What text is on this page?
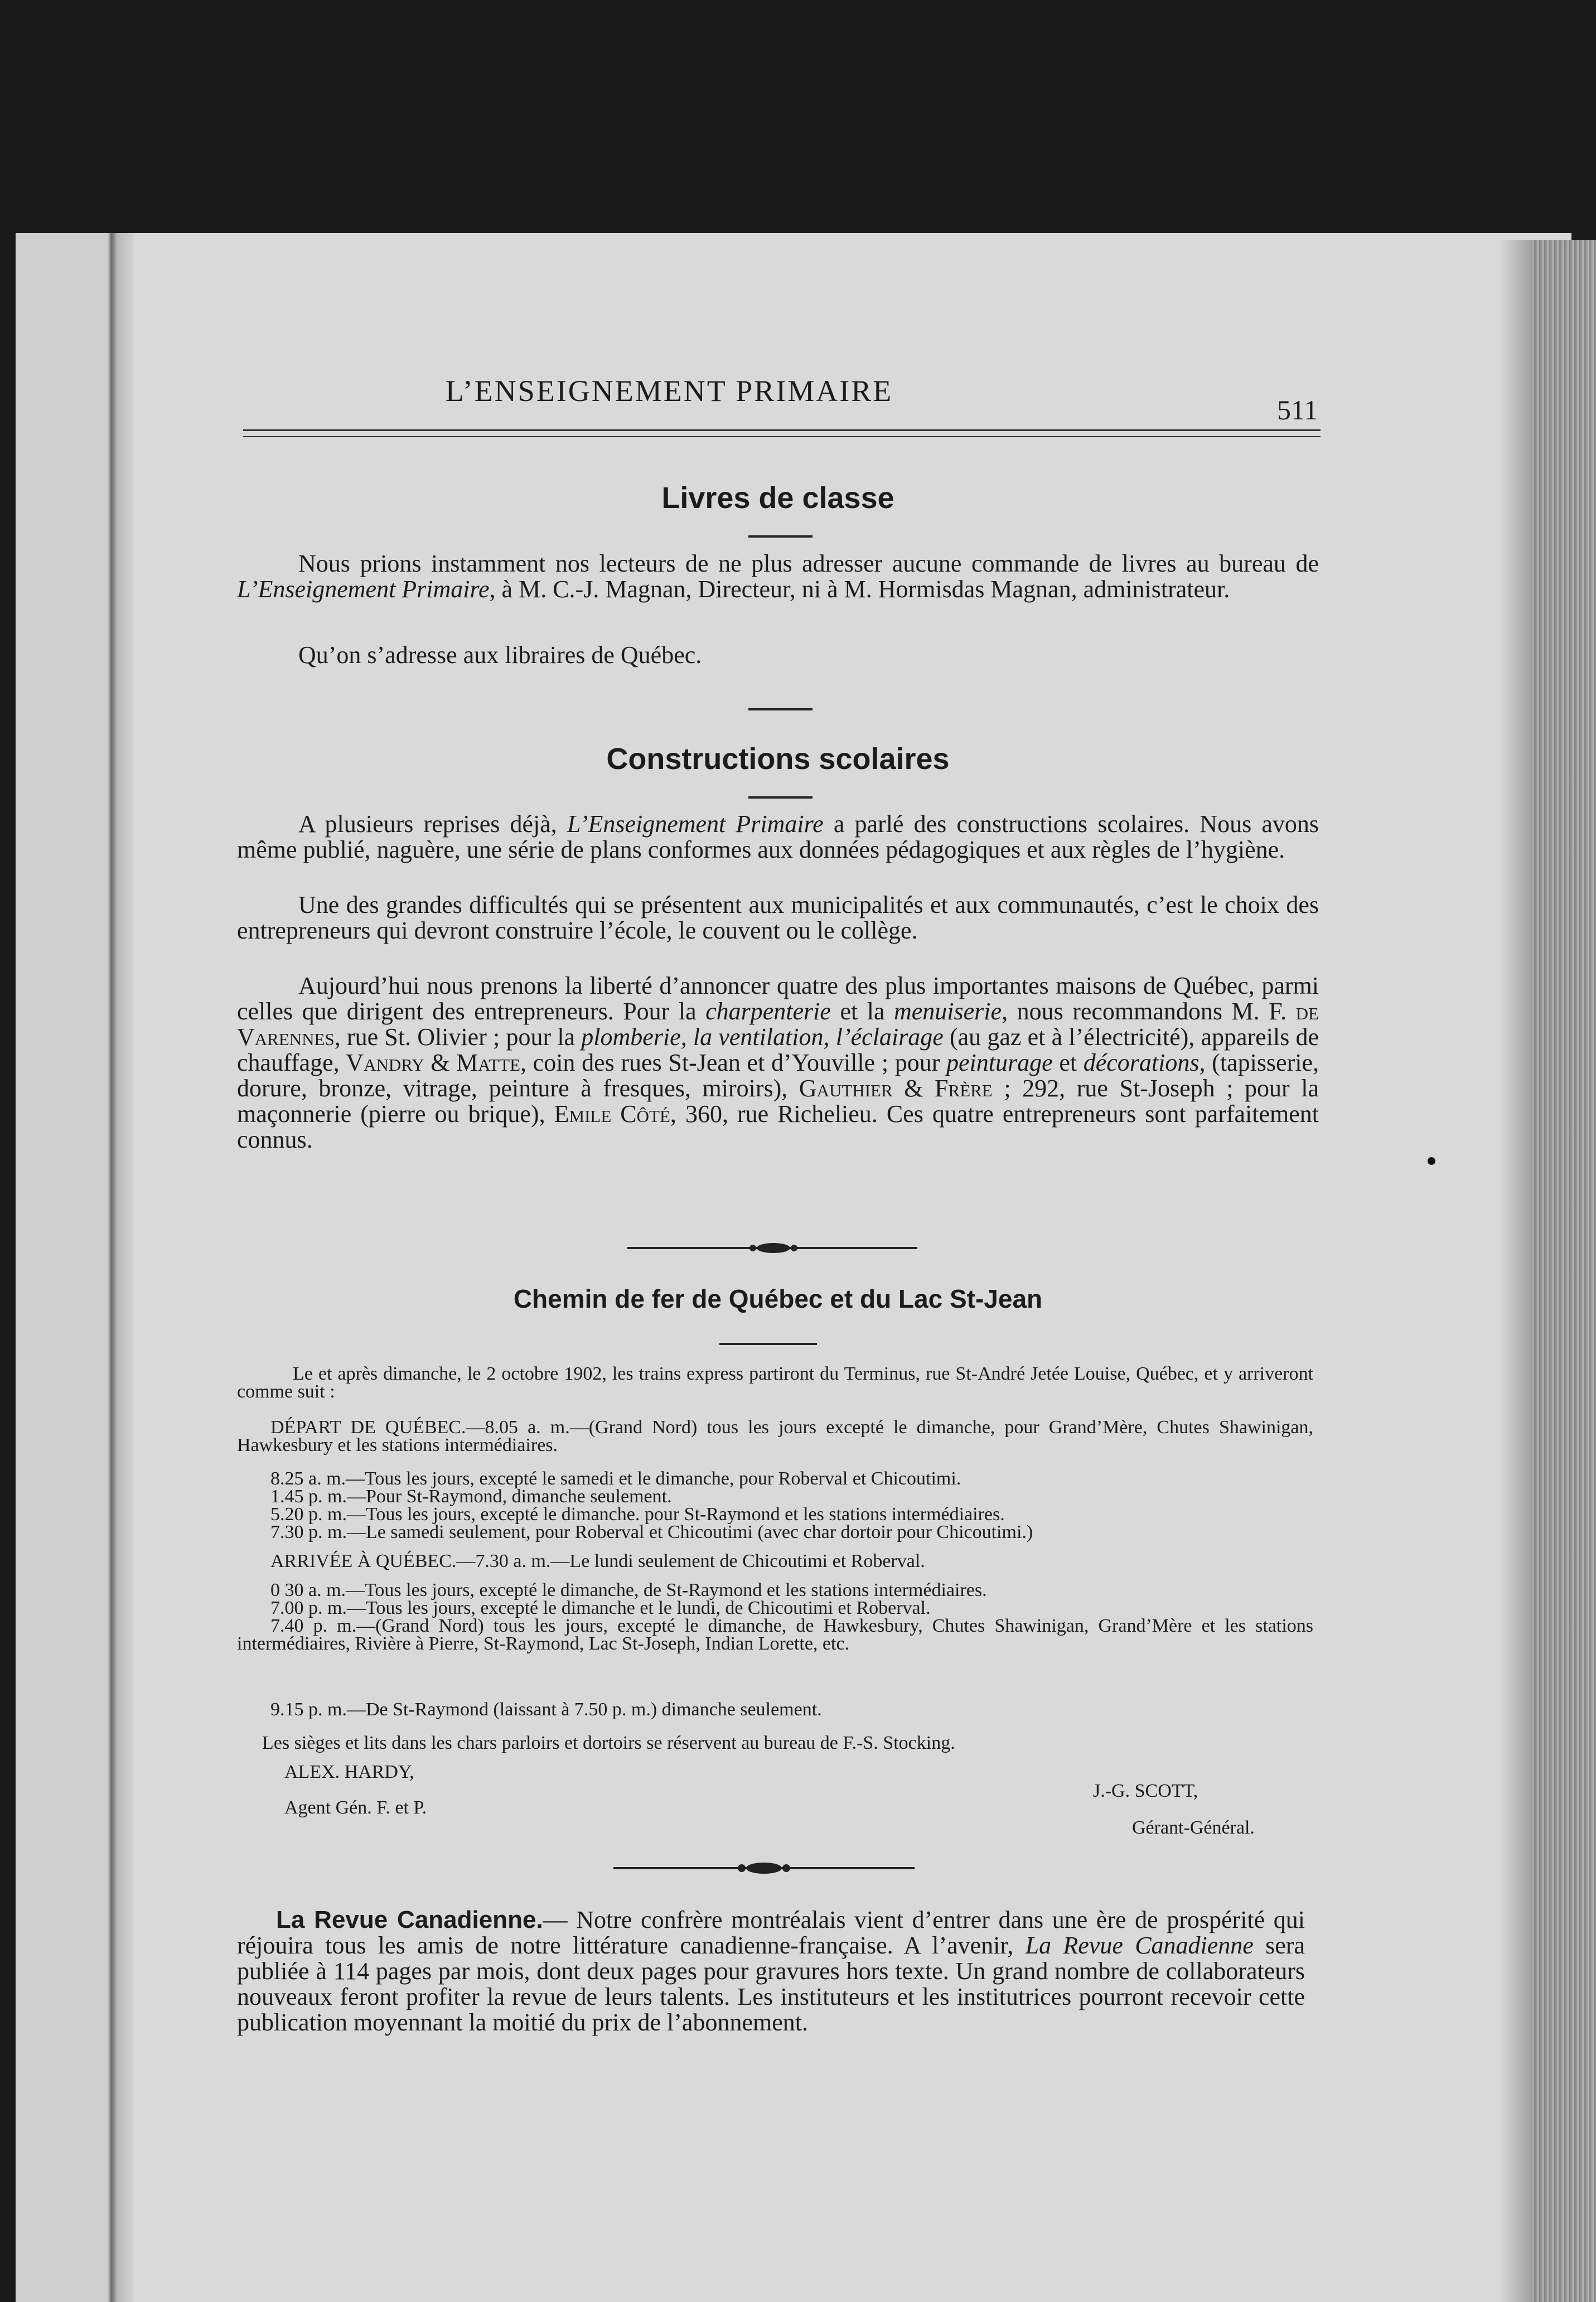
L’ENSEIGNEMENT PRIMAIRE
511
Livres de classe
Nous prions instamment nos lecteurs de ne plus adresser aucune commande de livres au bureau de L’Enseignement Primaire, à M. C.-J. Magnan, Directeur, ni à M. Hormisdas Magnan, administrateur.
Qu’on s’adresse aux libraires de Québec.
Constructions scolaires
A plusieurs reprises déjà, L’Enseignement Primaire a parlé des constructions scolaires. Nous avons même publié, naguère, une série de plans conformes aux données pédagogiques et aux règles de l’hygiène.
Une des grandes difficultés qui se présentent aux municipalités et aux communautés, c’est le choix des entrepreneurs qui devront construire l’école, le couvent ou le collège.
Aujourd’hui nous prenons la liberté d’annoncer quatre des plus importantes maisons de Québec, parmi celles que dirigent des entrepreneurs. Pour la charpenterie et la menuiserie, nous recommandons M. F. de Varennes, rue St. Olivier ; pour la plomberie, la ventilation, l’éclairage (au gaz et à l’électricité), appareils de chauffage, Vandry & Matte, coin des rues St-Jean et d’Youville ; pour peinturage et décorations, (tapisserie, dorure, bronze, vitrage, peinture à fresques, miroirs), Gauthier & Frère ; 292, rue St-Joseph ; pour la maçonnerie (pierre ou brique), Emile Côté, 360, rue Richelieu. Ces quatre entrepreneurs sont parfaitement connus.
Chemin de fer de Québec et du Lac St-Jean
Le et après dimanche, le 2 octobre 1902, les trains express partiront du Terminus, rue St-André Jetée Louise, Québec, et y arriveront comme suit :
DÉPART DE QUÉBEC.—8.05 a. m.—(Grand Nord) tous les jours excepté le dimanche, pour Grand’Mère, Chutes Shawinigan, Hawkesbury et les stations intermédiaires.
8.25 a. m.—Tous les jours, excepté le samedi et le dimanche, pour Roberval et Chicoutimi.
1.45 p. m.—Pour St-Raymond, dimanche seulement.
5.20 p. m.—Tous les jours, excepté le dimanche. pour St-Raymond et les stations intermédiaires.
7.30 p. m.—Le samedi seulement, pour Roberval et Chicoutimi (avec char dortoir pour Chicoutimi.)
ARRIVÉE À QUÉBEC.—7.30 a. m.—Le lundi seulement de Chicoutimi et Roberval.
0 30 a. m.—Tous les jours, excepté le dimanche, de St-Raymond et les stations intermédiaires.
7.00 p. m.—Tous les jours, excepté le dimanche et le lundi, de Chicoutimi et Roberval.
7.40 p. m.—(Grand Nord) tous les jours, excepté le dimanche, de Hawkesbury, Chutes Shawinigan, Grand’Mère et les stations intermédiaires, Rivière à Pierre, St-Raymond, Lac St-Joseph, Indian Lorette, etc.
9.15 p. m.—De St-Raymond (laissant à 7.50 p. m.) dimanche seulement.
Les sièges et lits dans les chars parloirs et dortoirs se réservent au bureau de F.-S. Stocking.
ALEX. HARDY,
Agent Gén. F. et P.
J.-G. SCOTT,
Gérant-Général.
La Revue Canadienne.— Notre confrère montréalais vient d’entrer dans une ère de prospérité qui réjouira tous les amis de notre littérature canadienne-française. A l’avenir, La Revue Canadienne sera publiée à 114 pages par mois, dont deux pages pour gravures hors texte. Un grand nombre de collaborateurs nouveaux feront profiter la revue de leurs talents. Les instituteurs et les institutrices pourront recevoir cette publication moyennant la moitié du prix de l’abonnement.
